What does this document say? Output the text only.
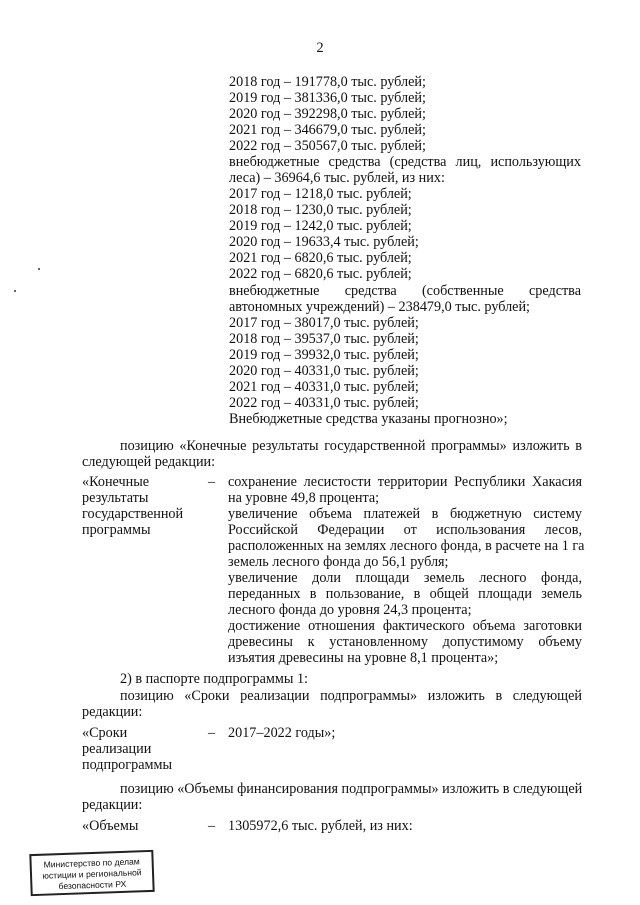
2
2018 год – 191778,0 тыс. рублей;
2019 год – 381336,0 тыс. рублей;
2020 год – 392298,0 тыс. рублей;
2021 год – 346679,0 тыс. рублей;
2022 год – 350567,0 тыс. рублей;
внебюджетные средства (средства лиц, использующих
леса) – 36964,6 тыс. рублей, из них:
2017 год – 1218,0 тыс. рублей;
2018 год – 1230,0 тыс. рублей;
2019 год – 1242,0 тыс. рублей;
2020 год – 19633,4 тыс. рублей;
2021 год – 6820,6 тыс. рублей;
2022 год – 6820,6 тыс. рублей;
внебюджетные средства (собственные средства
автономных учреждений) – 238479,0 тыс. рублей;
2017 год – 38017,0 тыс. рублей;
2018 год – 39537,0 тыс. рублей;
2019 год – 39932,0 тыс. рублей;
2020 год – 40331,0 тыс. рублей;
2021 год – 40331,0 тыс. рублей;
2022 год – 40331,0 тыс. рублей;
Внебюджетные средства указаны прогнозно»;
позицию «Конечные результаты государственной программы» изложить в
следующей редакции:
«Конечные
результаты
государственной
программы
– сохранение лесистости территории Республики Хакасия
на уровне 49,8 процента;
увеличение объема платежей в бюджетную систему
Российской Федерации от использования лесов,
расположенных на землях лесного фонда, в расчете на 1 га
земель лесного фонда до 56,1 рубля;
увеличение доли площади земель лесного фонда,
переданных в пользование, в общей площади земель
лесного фонда до уровня 24,3 процента;
достижение отношения фактического объема заготовки
древесины к установленному допустимому объему
изъятия древесины на уровне 8,1 процента»;
2) в паспорте подпрограммы 1:
позицию «Сроки реализации подпрограммы» изложить в следующей
редакции:
«Сроки
реализации
подпрограммы
– 2017–2022 годы»;
позицию «Объемы финансирования подпрограммы» изложить в следующей
редакции:
«Объемы	– 1305972,6 тыс. рублей, из них:
Министерство по делам
юстиции и региональной
безопасности РХ
